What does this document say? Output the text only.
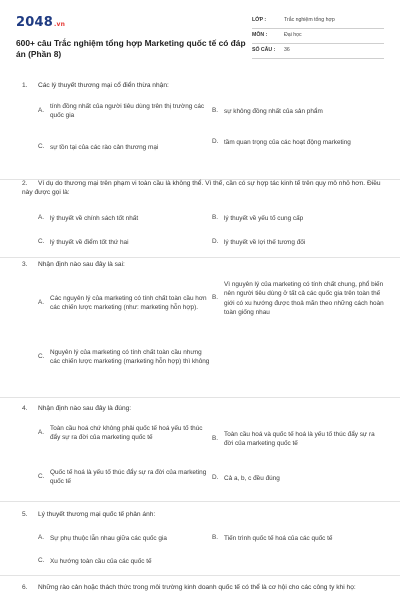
2048.vn
600+ câu Trắc nghiệm tổng hợp Marketing quốc tế có đáp án (Phần 8)
LỚP :	Trắc nghiệm tổng hợp
MÔN :	Đại học
SỐ CÂU :	36
1. Các lý thuyết thương mại cổ điển thừa nhận:
A.
tính đồng nhất của người tiêu dùng trên thị trường các quốc gia
B. sự không đồng nhất của sản phẩm
C. sự tồn tại của các rào cản thương mại
D. tầm quan trọng của các hoạt động marketing
2. Ví dụ do thương mại trên phạm vi toàn cầu là không thể. Vì thế, cần có sự hợp tác kinh tế trên quy mô nhỏ hơn. Điều này được gọi là:
A. lý thuyết về chính sách tốt nhất	B. lý thuyết về yếu tố cung cấp
C. lý thuyết về điểm tốt thứ hai	D. lý thuyết về lợi thế tương đối
3. Nhận định nào sau đây là sai:
A.
Các nguyên lý của marketing có tính chất toàn cầu hơn các chiến lược marketing (như: marketing hỗn hợp).
B.
Vì nguyên lý của marketing có tính chất chung, phổ biến nên người tiêu dùng ở tất cả các quốc gia trên toàn thế giới có xu hướng được thoả mãn theo những cách hoàn toàn giống nhau
C.
Nguyên lý của marketing có tính chất toàn cầu nhưng các chiến lược marketing (marketing hỗn hợp) thì không
4. Nhận định nào sau đây là đúng:
A.
Toàn cầu hoá chứ không phải quốc tế hoá yếu tố thúc đẩy sự ra đời của marketing quốc tế	B.
Toàn cầu hoá và quốc tế hoá là yếu tố thúc đẩy sự ra đời của marketing quốc tế
C.
Quốc tế hoá là yếu tố thúc đẩy sự ra đời của marketing quốc tế
D. Cả a, b, c đều đúng
5. Lý thuyết thương mại quốc tế phản ánh:
A. Sự phụ thuộc lẫn nhau giữa các quốc gia	B. Tiến trình quốc tế hoá của các quốc tế
C. Xu hướng toàn cầu của các quốc tế
6. Những rào cản hoặc thách thức trong môi trường kinh doanh quốc tế có thể là cơ hội cho các công ty khi họ:
